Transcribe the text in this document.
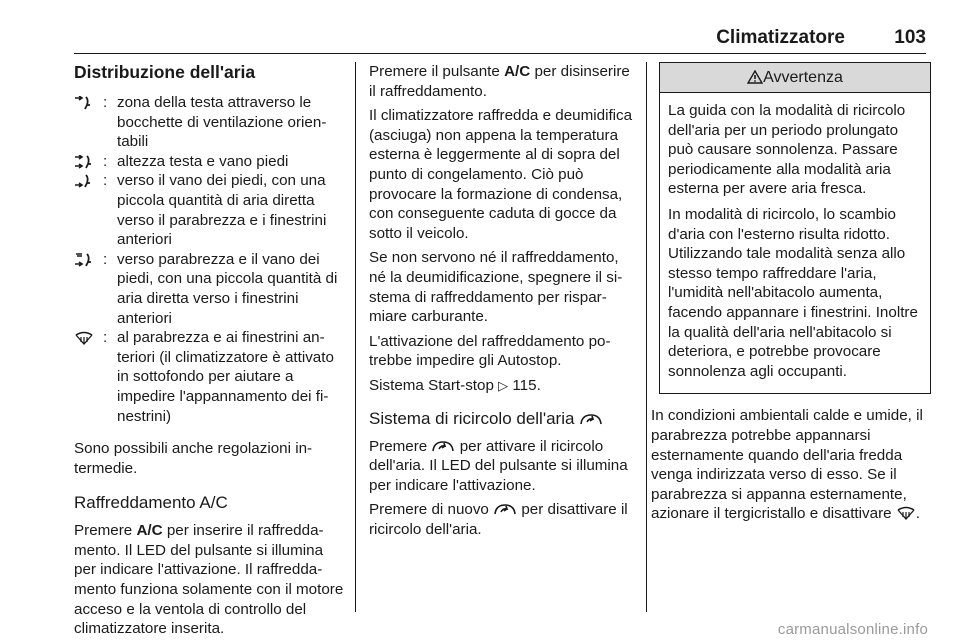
Climatizzatore	103
Distribuzione dell'aria
: zona della testa attraverso le bocchette di ventilazione orientabili
: altezza testa e vano piedi
: verso il vano dei piedi, con una piccola quantità di aria diretta verso il parabrezza e i finestrini anteriori
: verso parabrezza e il vano dei piedi, con una piccola quantità di aria diretta verso i finestrini anteriori
: al parabrezza e ai finestrini anteriori (il climatizzatore è attivato in sottofondo per aiutare a impedire l'appannamento dei finestrini)

Sono possibili anche regolazioni intermedie.

Raffreddamento A/C

Premere A/C per inserire il raffreddamento. Il LED del pulsante si illumina per indicare l'attivazione. Il raffreddamento funziona solamente con il motore acceso e la ventola di controllo del climatizzatore inserita.

Premere il pulsante A/C per disinserire il raffreddamento.

Il climatizzatore raffredda e deumidifica (asciuga) non appena la temperatura esterna è leggermente al di sopra del punto di congelamento. Ciò può provocare la formazione di condensa, con conseguente caduta di gocce da sotto il veicolo.

Se non servono né il raffreddamento, né la deumidificazione, spegnere il sistema di raffreddamento per risparmiare carburante.

L'attivazione del raffreddamento potrebbe impedire gli Autostop.

Sistema Start-stop ▷ 115.

Sistema di ricircolo dell'aria

Premere  per attivare il ricircolo dell'aria. Il LED del pulsante si illumina per indicare l'attivazione.

Premere di nuovo  per disattivare il ricircolo dell'aria.

Avvertenza

La guida con la modalità di ricircolo dell'aria per un periodo prolungato può causare sonnolenza. Passare periodicamente alla modalità aria esterna per avere aria fresca.

In modalità di ricircolo, lo scambio d'aria con l'esterno risulta ridotto. Utilizzando tale modalità senza allo stesso tempo raffreddare l'aria, l'umidità nell'abitacolo aumenta, facendo appannare i finestrini. Inoltre la qualità dell'aria nell'abitacolo si deteriora, e potrebbe provocare sonnolenza agli occupanti.

In condizioni ambientali calde e umide, il parabrezza potrebbe appannarsi esternamente quando dell'aria fredda venga indirizzata verso di esso. Se il parabrezza si appanna esternamente, azionare il tergicristallo e disattivare .

carmanualsonline.info
